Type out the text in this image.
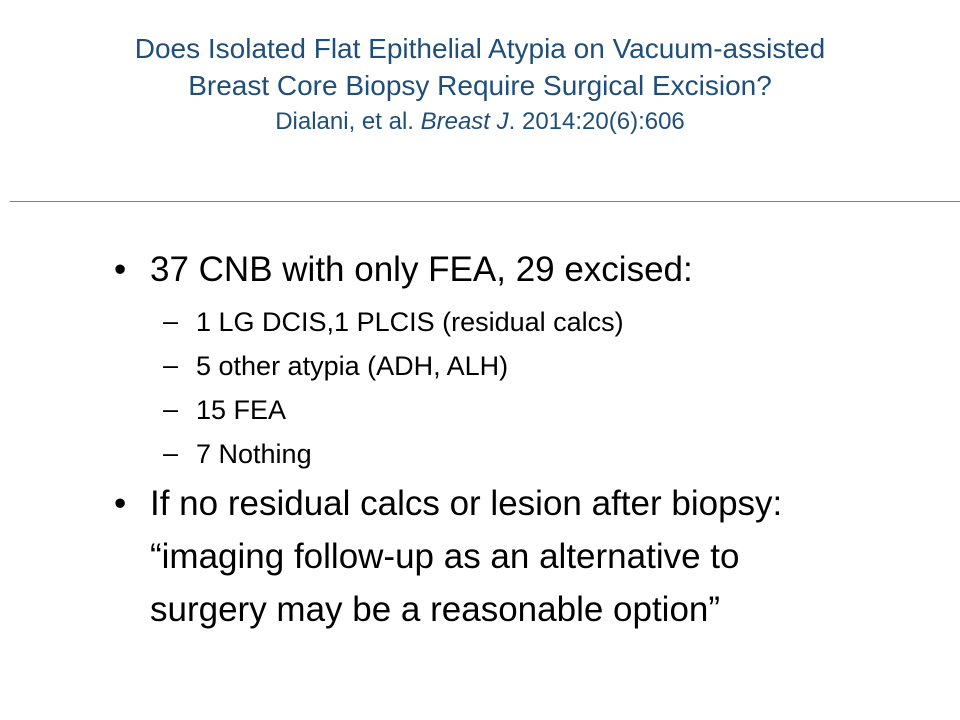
Does Isolated Flat Epithelial Atypia on Vacuum-assisted
Breast Core Biopsy Require Surgical Excision?
Dialani, et al. Breast J. 2014:20(6):606
• 37 CNB with only FEA, 29 excised:
– 1 LG DCIS,1 PLCIS (residual calcs)
– 5 other atypia (ADH, ALH)
– 15 FEA
– 7 Nothing
• If no residual calcs or lesion after biopsy:
“imaging follow-up as an alternative to
surgery may be a reasonable option”
